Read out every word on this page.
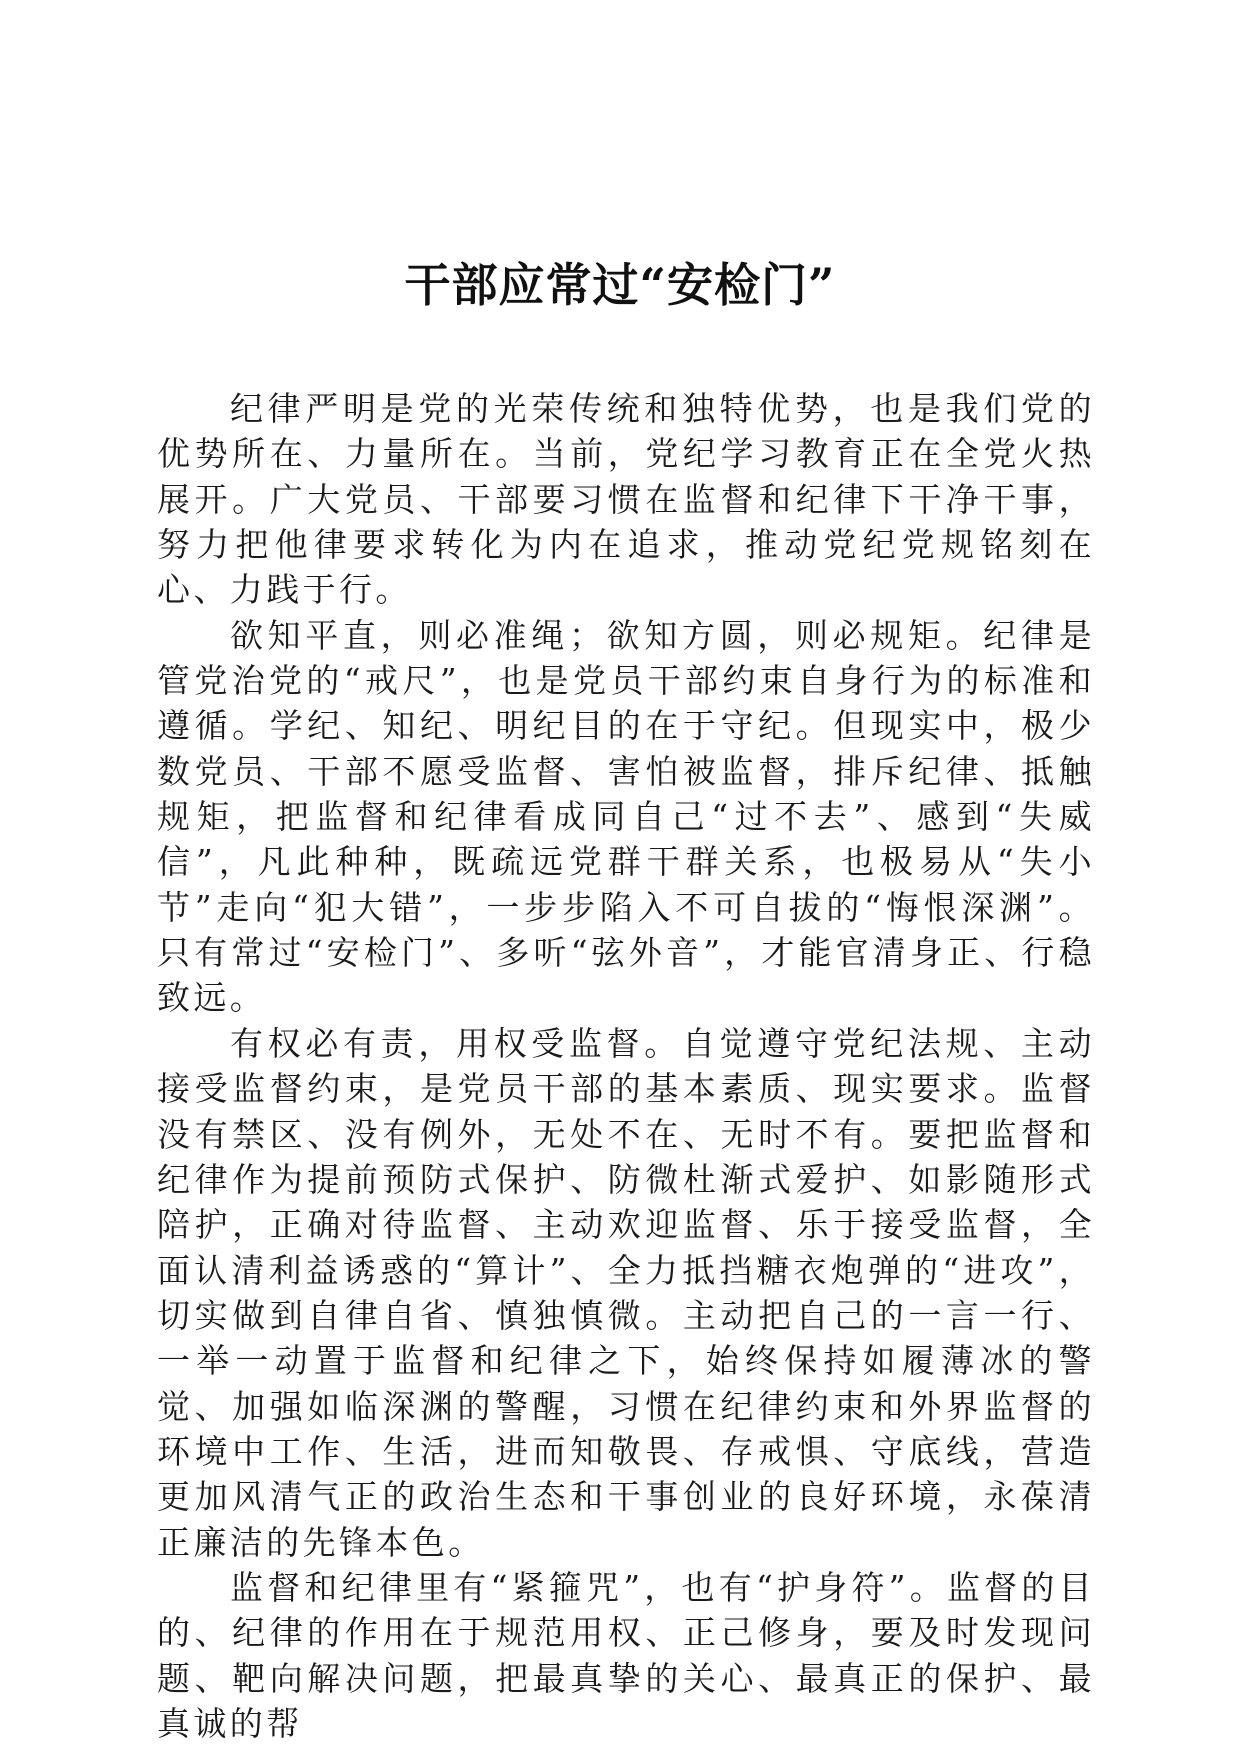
干部应常过“安检门”

纪律严明是党的光荣传统和独特优势，也是我们党的优势所在、力量所在。当前，党纪学习教育正在全党火热展开。广大党员、干部要习惯在监督和纪律下干净干事，努力把他律要求转化为内在追求，推动党纪党规铭刻在心、力践于行。

欲知平直，则必准绳；欲知方圆，则必规矩。纪律是管党治党的“戒尺”，也是党员干部约束自身行为的标准和遵循。学纪、知纪、明纪目的在于守纪。但现实中，极少数党员、干部不愿受监督、害怕被监督，排斥纪律、抵触规矩，把监督和纪律看成同自己“过不去”、感到“失威信”，凡此种种，既疏远党群干群关系，也极易从“失小节”走向“犯大错”，一步步陷入不可自拔的“悔恨深渊”。只有常过“安检门”、多听“弦外音”，才能官清身正、行稳致远。

有权必有责，用权受监督。自觉遵守党纪法规、主动接受监督约束，是党员干部的基本素质、现实要求。监督没有禁区、没有例外，无处不在、无时不有。要把监督和纪律作为提前预防式保护、防微杜渐式爱护、如影随形式陪护，正确对待监督、主动欢迎监督、乐于接受监督，全面认清利益诱惑的“算计”、全力抵挡糖衣炮弹的“进攻”，切实做到自律自省、慎独慎微。主动把自己的一言一行、一举一动置于监督和纪律之下，始终保持如履薄冰的警觉、加强如临深渊的警醒，习惯在纪律约束和外界监督的环境中工作、生活，进而知敬畏、存戒惧、守底线，营造更加风清气正的政治生态和干事创业的良好环境，永葆清正廉洁的先锋本色。

监督和纪律里有“紧箍咒”，也有“护身符”。监督的目的、纪律的作用在于规范用权、正己修身，要及时发现问题、靶向解决问题，把最真挚的关心、最真正的保护、最真诚的帮
